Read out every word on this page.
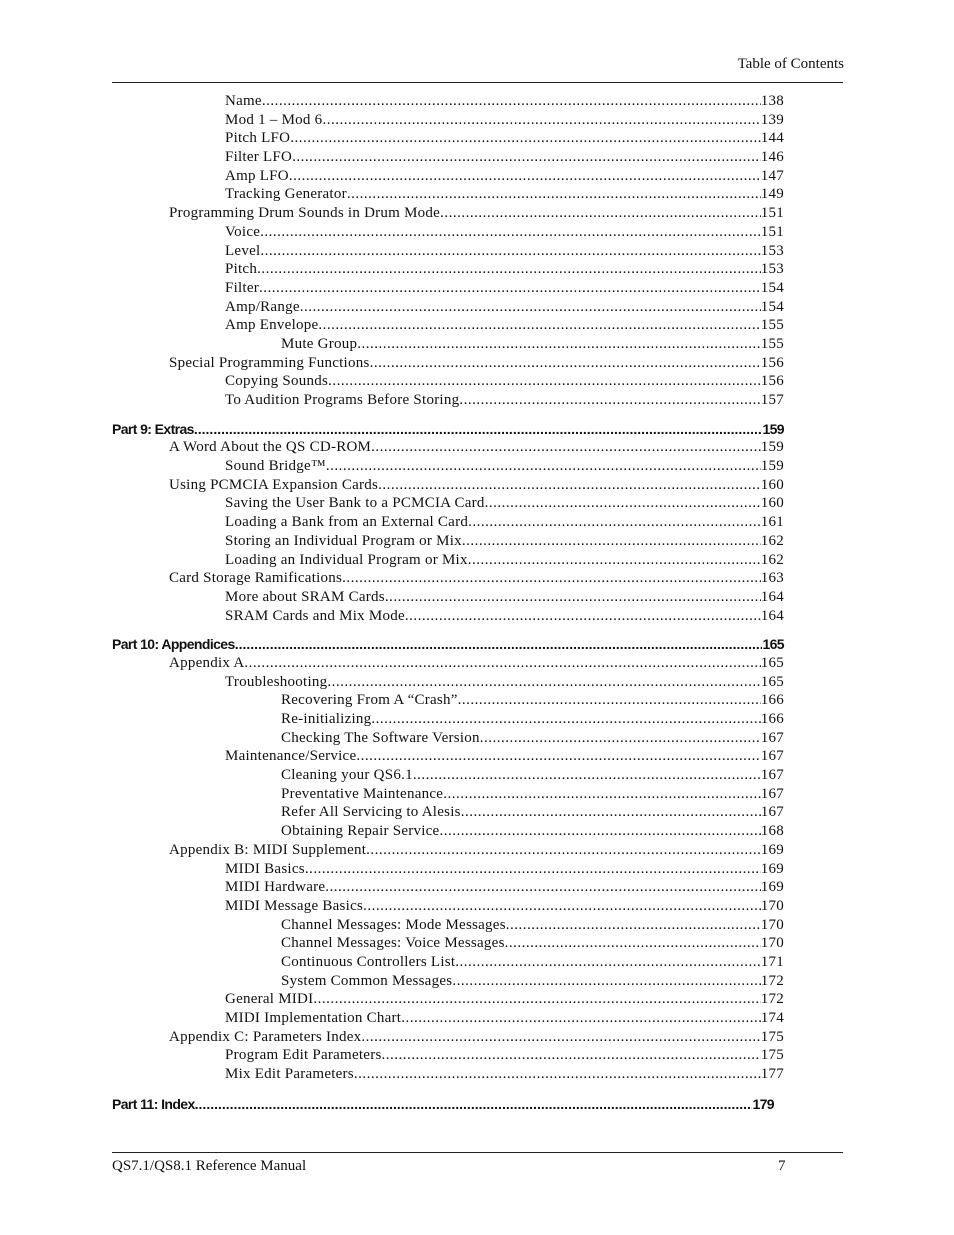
Table of Contents
Name .....	138
Mod 1 – Mod 6 .....	139
Pitch LFO .....	144
Filter LFO .....	146
Amp LFO .....	147
Tracking Generator .....	149
Programming Drum Sounds in Drum Mode .....	151
Voice .....	151
Level .....	153
Pitch .....	153
Filter .....	154
Amp/Range .....	154
Amp Envelope .....	155
Mute Group .....	155
Special Programming Functions .....	156
Copying Sounds .....	156
To Audition Programs Before Storing .....	157
Part 9: Extras .....	159
A Word About the QS CD-ROM .....	159
Sound Bridge™ .....	159
Using PCMCIA Expansion Cards .....	160
Saving the User Bank to a PCMCIA Card .....	160
Loading a Bank from an External Card .....	161
Storing an Individual Program or Mix .....	162
Loading an Individual Program or Mix .....	162
Card Storage Ramifications .....	163
More about SRAM Cards .....	164
SRAM Cards and Mix Mode .....	164
Part 10: Appendices .....	165
Appendix A .....	165
Troubleshooting .....	165
Recovering From A “Crash” .....	166
Re-initializing .....	166
Checking The Software Version .....	167
Maintenance/Service .....	167
Cleaning your QS6.1 .....	167
Preventative Maintenance .....	167
Refer All Servicing to Alesis .....	167
Obtaining Repair Service .....	168
Appendix B: MIDI Supplement .....	169
MIDI Basics .....	169
MIDI Hardware .....	169
MIDI Message Basics .....	170
Channel Messages: Mode Messages .....	170
Channel Messages: Voice Messages .....	170
Continuous Controllers List .....	171
System Common Messages .....	172
General MIDI .....	172
MIDI Implementation Chart .....	174
Appendix C: Parameters Index .....	175
Program Edit Parameters .....	175
Mix Edit Parameters .....	177
Part 11: Index .....	179
QS7.1/QS8.1 Reference Manual	7
